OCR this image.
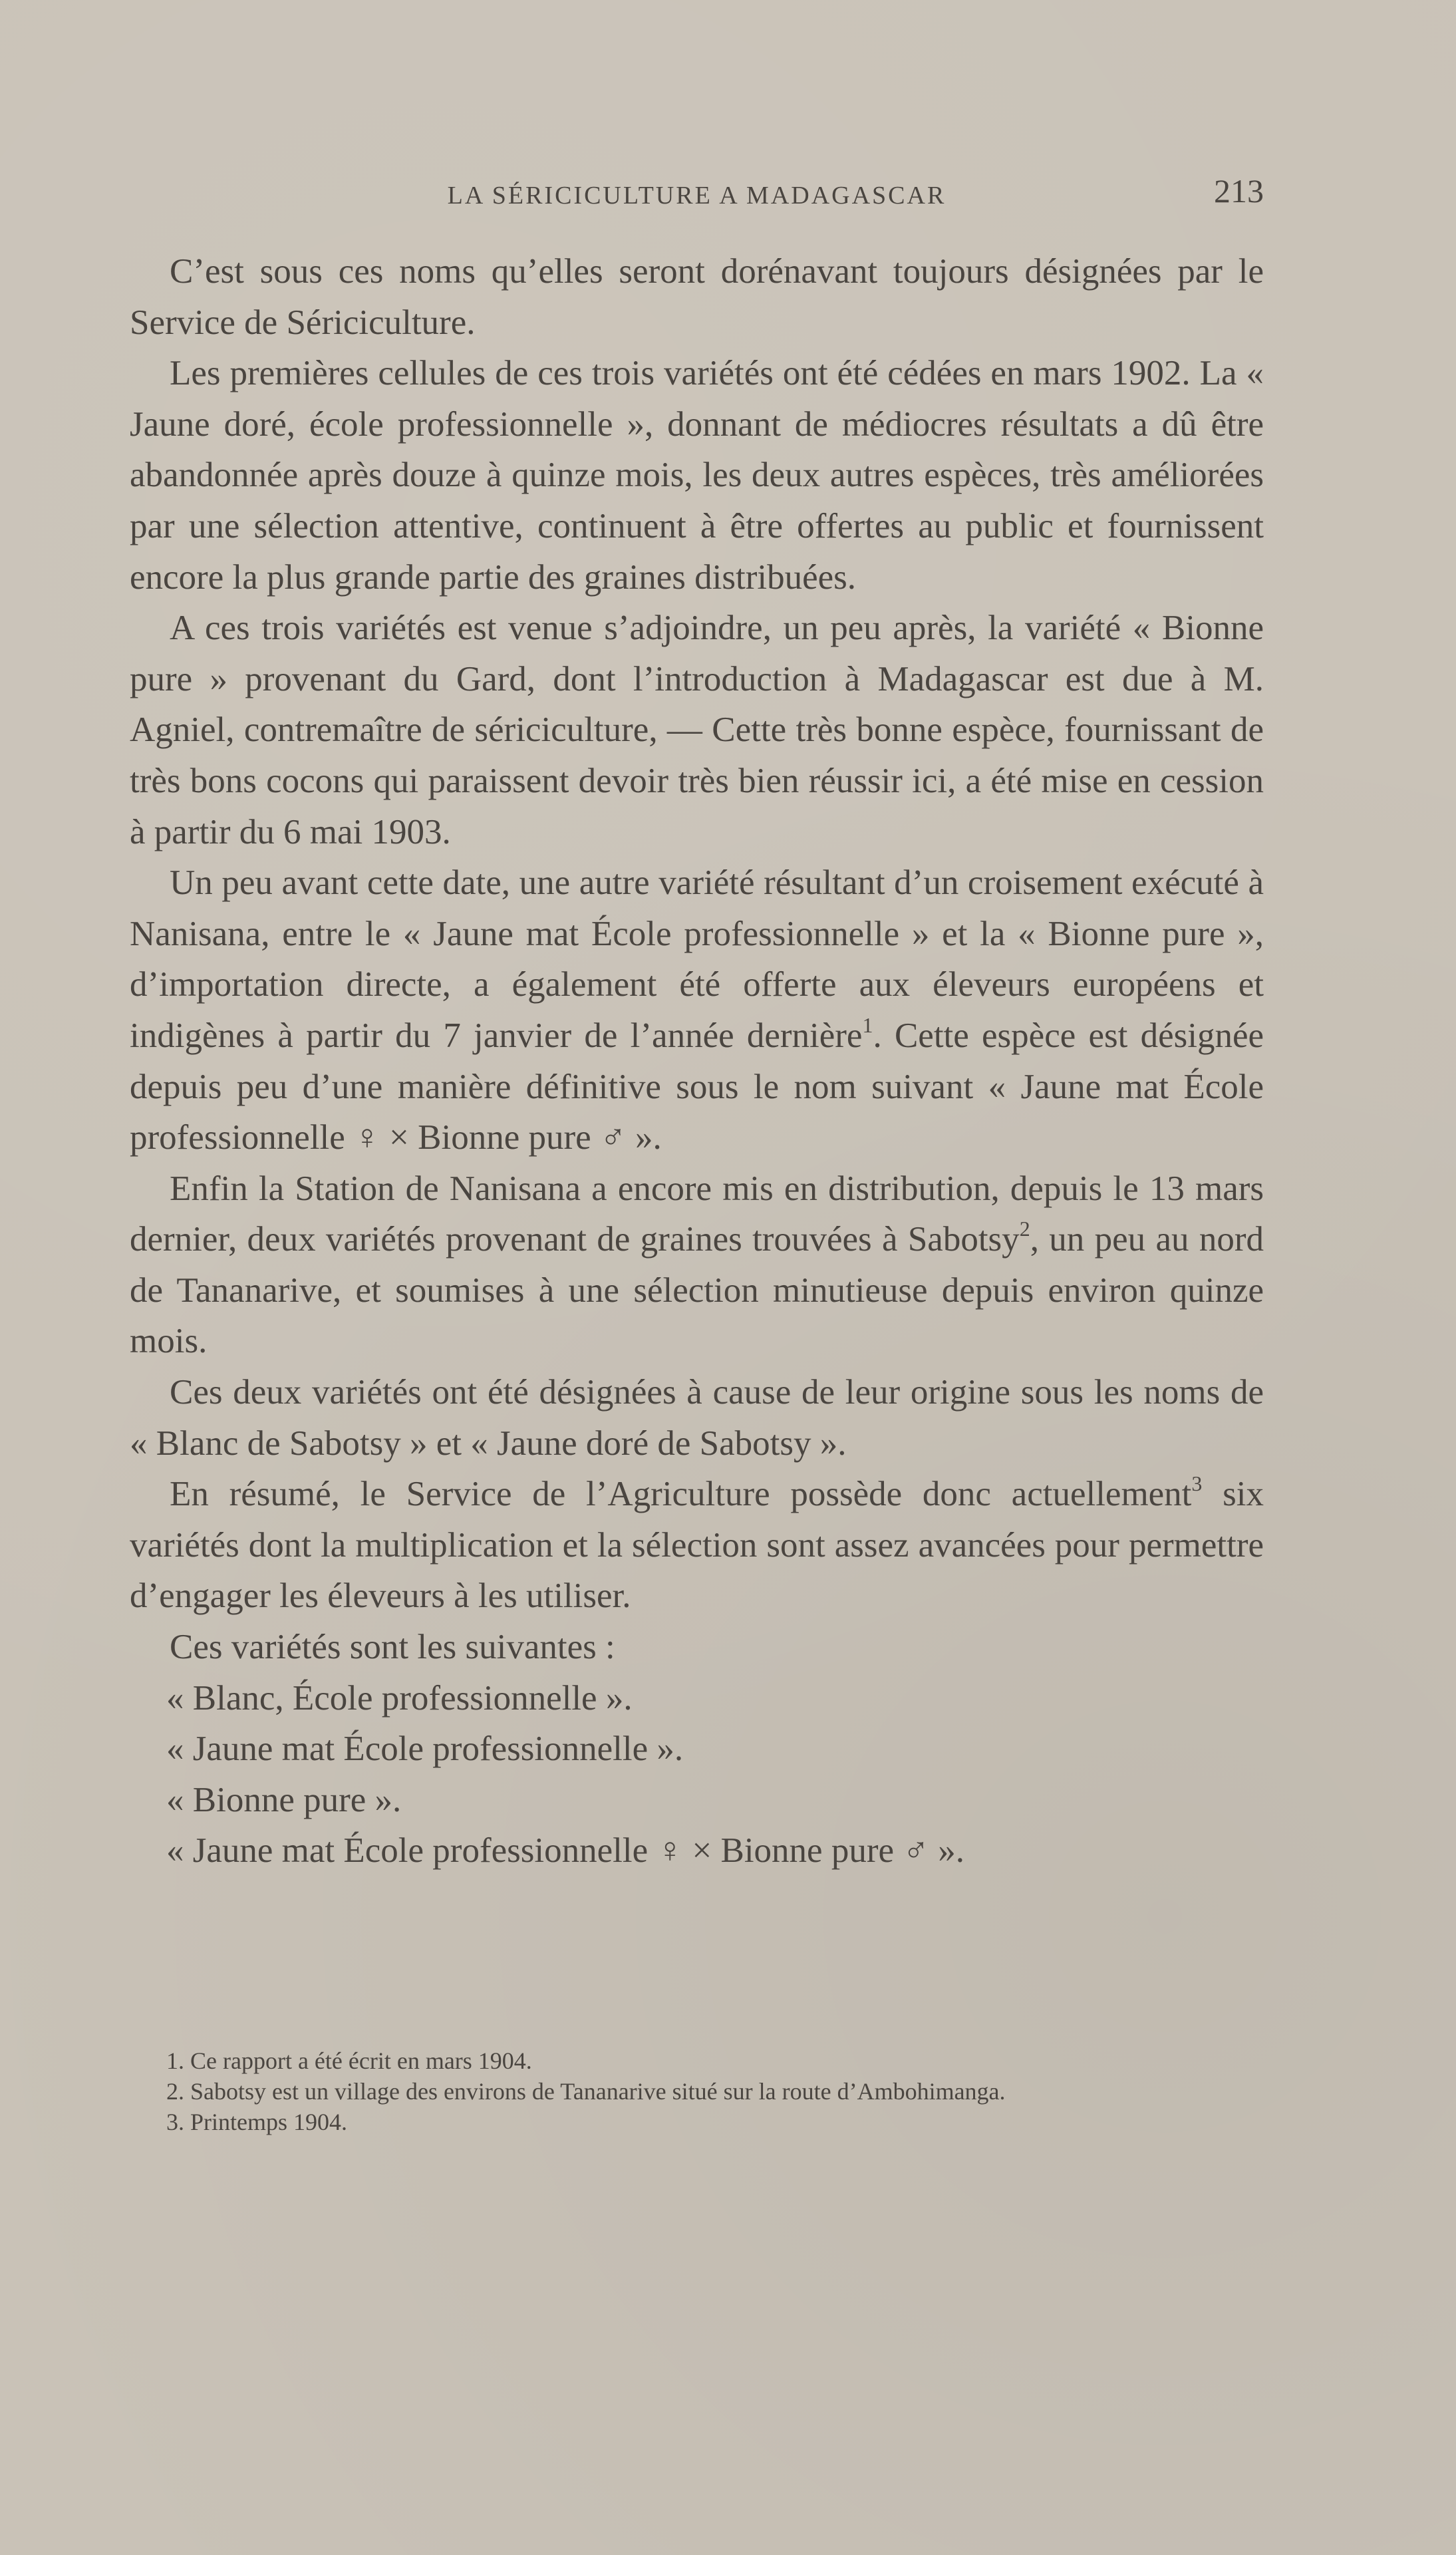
LA SÉRICICULTURE A MADAGASCAR	213

C’est sous ces noms qu’elles seront dorénavant toujours désignées par le Service de Sériciculture.

Les premières cellules de ces trois variétés ont été cédées en mars 1902. La « Jaune doré, école professionnelle », donnant de médiocres résultats a dû être abandonnée après douze à quinze mois, les deux autres espèces, très améliorées par une sélection attentive, continuent à être offertes au public et fournissent encore la plus grande partie des graines distribuées.

A ces trois variétés est venue s’adjoindre, un peu après, la variété « Bionne pure » provenant du Gard, dont l’introduction à Madagascar est due à M. Agniel, contremaître de sériciculture, — Cette très bonne espèce, fournissant de très bons cocons qui paraissent devoir très bien réussir ici, a été mise en cession à partir du 6 mai 1903.

Un peu avant cette date, une autre variété résultant d’un croisement exécuté à Nanisana, entre le « Jaune mat École professionnelle » et la « Bionne pure », d’importation directe, a également été offerte aux éleveurs européens et indigènes à partir du 7 janvier de l’année dernière$^1$. Cette espèce est désignée depuis peu d’une manière définitive sous le nom suivant « Jaune mat École professionnelle ♀ × Bionne pure ♂ ».

Enfin la Station de Nanisana a encore mis en distribution, depuis le 13 mars dernier, deux variétés provenant de graines trouvées à Sabotsy$^2$, un peu au nord de Tananarive, et soumises à une sélection minutieuse depuis environ quinze mois.

Ces deux variétés ont été désignées à cause de leur origine sous les noms de « Blanc de Sabotsy » et « Jaune doré de Sabotsy ».

En résumé, le Service de l’Agriculture possède donc actuellement$^3$ six variétés dont la multiplication et la sélection sont assez avancées pour permettre d’engager les éleveurs à les utiliser.

Ces variétés sont les suivantes :

« Blanc, École professionnelle ».

« Jaune mat École professionnelle ».

« Bionne pure ».

« Jaune mat École professionnelle ♀ × Bionne pure ♂ ».

1. Ce rapport a été écrit en mars 1904.

2. Sabotsy est un village des environs de Tananarive situé sur la route d’Ambohimanga.

3. Printemps 1904.
